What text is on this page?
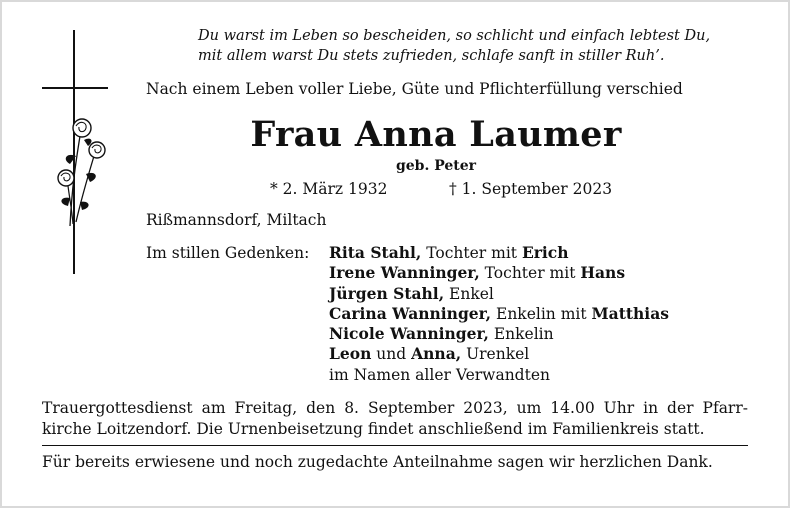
Du warst im Leben so bescheiden, so schlicht und einfach lebtest Du,
mit allem warst Du stets zufrieden, schlafe sanft in stiller Ruh’.
Nach einem Leben voller Liebe, Güte und Pflichterfüllung verschied
Frau Anna Laumer
geb. Peter
* 2. März 1932	† 1. September 2023
Rißmannsdorf, Miltach
Im stillen Gedenken: Rita Stahl, Tochter mit Erich
Irene Wanninger, Tochter mit Hans
Jürgen Stahl, Enkel
Carina Wanninger, Enkelin mit Matthias
Nicole Wanninger, Enkelin
Leon und Anna, Urenkel
im Namen aller Verwandten
Trauergottesdienst am Freitag, den 8. September 2023, um 14.00 Uhr in der Pfarr-
kirche Loitzendorf. Die Urnenbeisetzung findet anschließend im Familienkreis statt.
Für bereits erwiesene und noch zugedachte Anteilnahme sagen wir herzlichen Dank.
